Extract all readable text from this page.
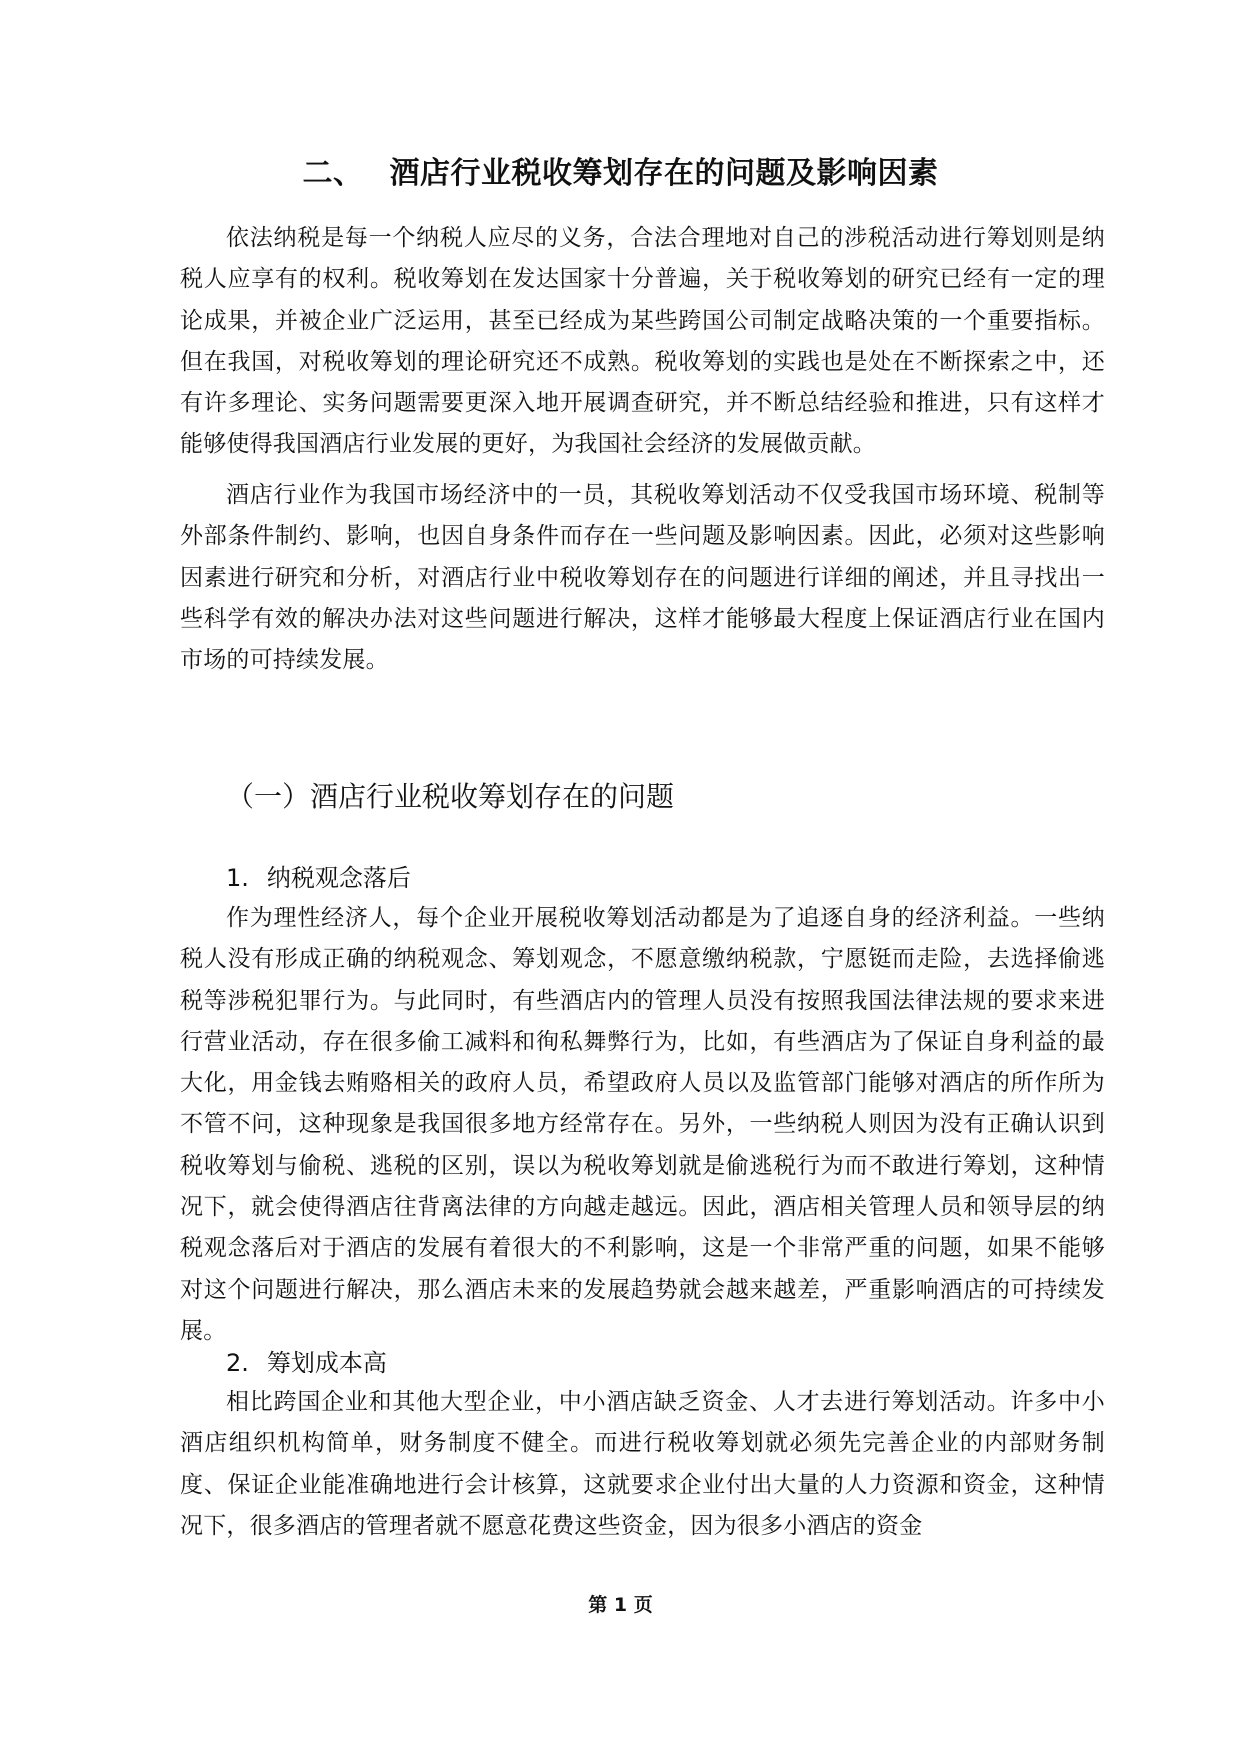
二、 酒店行业税收筹划存在的问题及影响因素

依法纳税是每一个纳税人应尽的义务，合法合理地对自己的涉税活动进行筹划则是纳税人应享有的权利。税收筹划在发达国家十分普遍，关于税收筹划的研究已经有一定的理论成果，并被企业广泛运用，甚至已经成为某些跨国公司制定战略决策的一个重要指标。但在我国，对税收筹划的理论研究还不成熟。税收筹划的实践也是处在不断探索之中，还有许多理论、实务问题需要更深入地开展调查研究，并不断总结经验和推进，只有这样才能够使得我国酒店行业发展的更好，为我国社会经济的发展做贡献。

酒店行业作为我国市场经济中的一员，其税收筹划活动不仅受我国市场环境、税制等外部条件制约、影响，也因自身条件而存在一些问题及影响因素。因此，必须对这些影响因素进行研究和分析，对酒店行业中税收筹划存在的问题进行详细的阐述，并且寻找出一些科学有效的解决办法对这些问题进行解决，这样才能够最大程度上保证酒店行业在国内市场的可持续发展。

（一）酒店行业税收筹划存在的问题
1. 纳税观念落后

作为理性经济人，每个企业开展税收筹划活动都是为了追逐自身的经济利益。一些纳税人没有形成正确的纳税观念、筹划观念，不愿意缴纳税款，宁愿铤而走险，去选择偷逃税等涉税犯罪行为。与此同时，有些酒店内的管理人员没有按照我国法律法规的要求来进行营业活动，存在很多偷工减料和徇私舞弊行为，比如，有些酒店为了保证自身利益的最大化，用金钱去贿赂相关的政府人员，希望政府人员以及监管部门能够对酒店的所作所为不管不问，这种现象是我国很多地方经常存在。另外，一些纳税人则因为没有正确认识到税收筹划与偷税、逃税的区别，误以为税收筹划就是偷逃税行为而不敢进行筹划，这种情况下，就会使得酒店往背离法律的方向越走越远。因此，酒店相关管理人员和领导层的纳税观念落后对于酒店的发展有着很大的不利影响，这是一个非常严重的问题，如果不能够对这个问题进行解决，那么酒店未来的发展趋势就会越来越差，严重影响酒店的可持续发展。

2. 筹划成本高

相比跨国企业和其他大型企业，中小酒店缺乏资金、人才去进行筹划活动。许多中小酒店组织机构简单，财务制度不健全。而进行税收筹划就必须先完善企业的内部财务制度、保证企业能准确地进行会计核算，这就要求企业付出大量的人力资源和资金，这种情况下，很多酒店的管理者就不愿意花费这些资金，因为很多小酒店的资金

第 1 页
